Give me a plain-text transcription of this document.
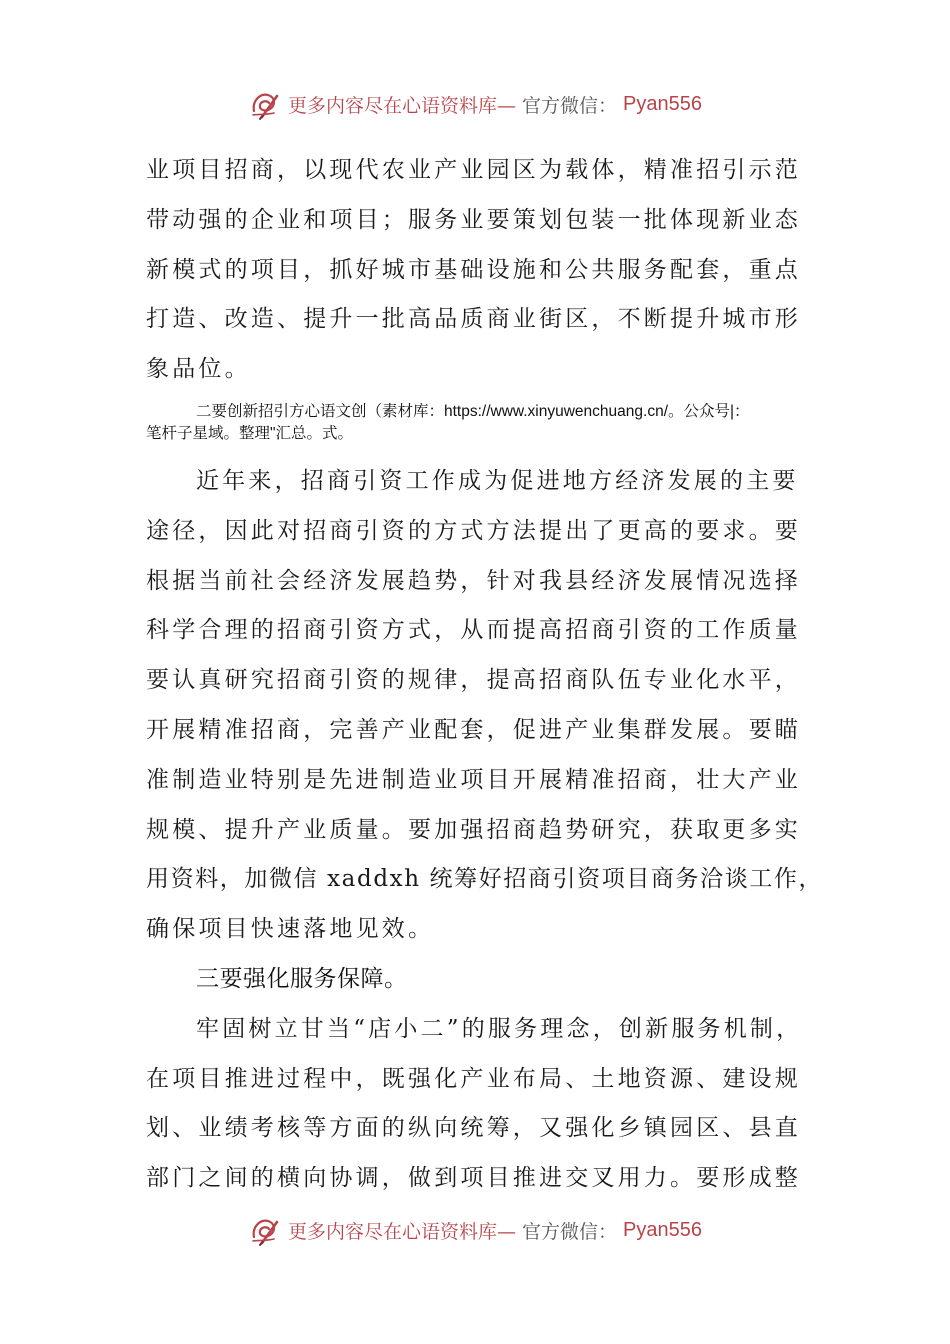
更多内容尽在心语资料库— 官方微信： Pyan556
业项目招商，以现代农业产业园区为载体，精准招引示范
带动强的企业和项目；服务业要策划包装一批体现新业态
新模式的项目，抓好城市基础设施和公共服务配套，重点
打造、改造、提升一批高品质商业街区，不断提升城市形
象品位。
二要创新招引方心语文创（素材库：https://www.xinyuwenchuang.cn/。公众号|：
笔杆子星域。整理"汇总。式。
近年来，招商引资工作成为促进地方经济发展的主要
途径，因此对招商引资的方式方法提出了更高的要求。要
根据当前社会经济发展趋势，针对我县经济发展情况选择
科学合理的招商引资方式，从而提高招商引资的工作质量
要认真研究招商引资的规律，提高招商队伍专业化水平，
开展精准招商，完善产业配套，促进产业集群发展。要瞄
准制造业特别是先进制造业项目开展精准招商，壮大产业
规模、提升产业质量。要加强招商趋势研究，获取更多实
用资料，加微信 xaddxh 统筹好招商引资项目商务洽谈工作，
确保项目快速落地见效。
三要强化服务保障。
牢固树立甘当“店小二”的服务理念，创新服务机制，
在项目推进过程中，既强化产业布局、土地资源、建设规
划、业绩考核等方面的纵向统筹，又强化乡镇园区、县直
部门之间的横向协调，做到项目推进交叉用力。要形成整
更多内容尽在心语资料库— 官方微信： Pyan556
